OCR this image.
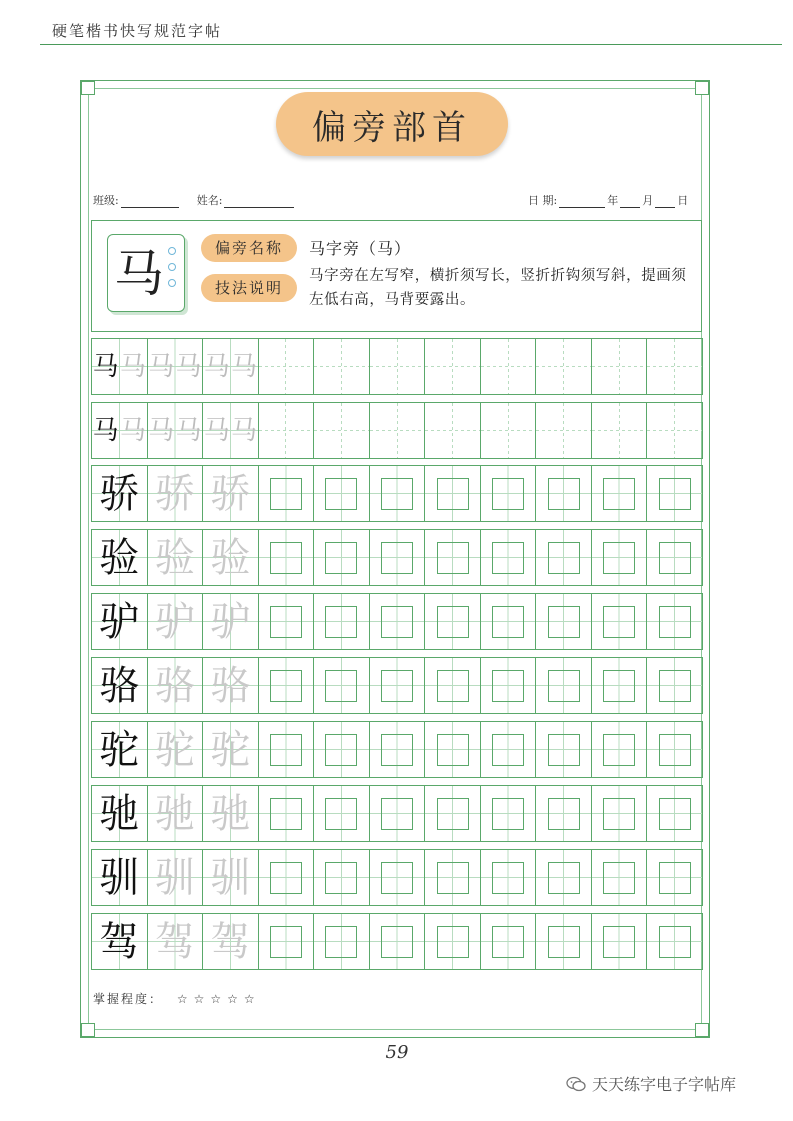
硬笔楷书快写规范字帖
偏旁部首
班级:	姓名:	日 期:	年 月 日
马	偏旁名称	马字旁（马）
技法说明
马字旁在左写窄，横折须写长，竖折折钩须写斜，提画须左低右高，马背要露出。
马 马 马 马 马 马
马 马 马 马 马 马
骄 骄 骄
验 验 验
驴 驴 驴
骆 骆 骆
驼 驼 驼
驰 驰 驰
驯 驯 驯
驾 驾 驾
掌握程度： ☆☆☆☆☆
59
天天练字电子字帖库
